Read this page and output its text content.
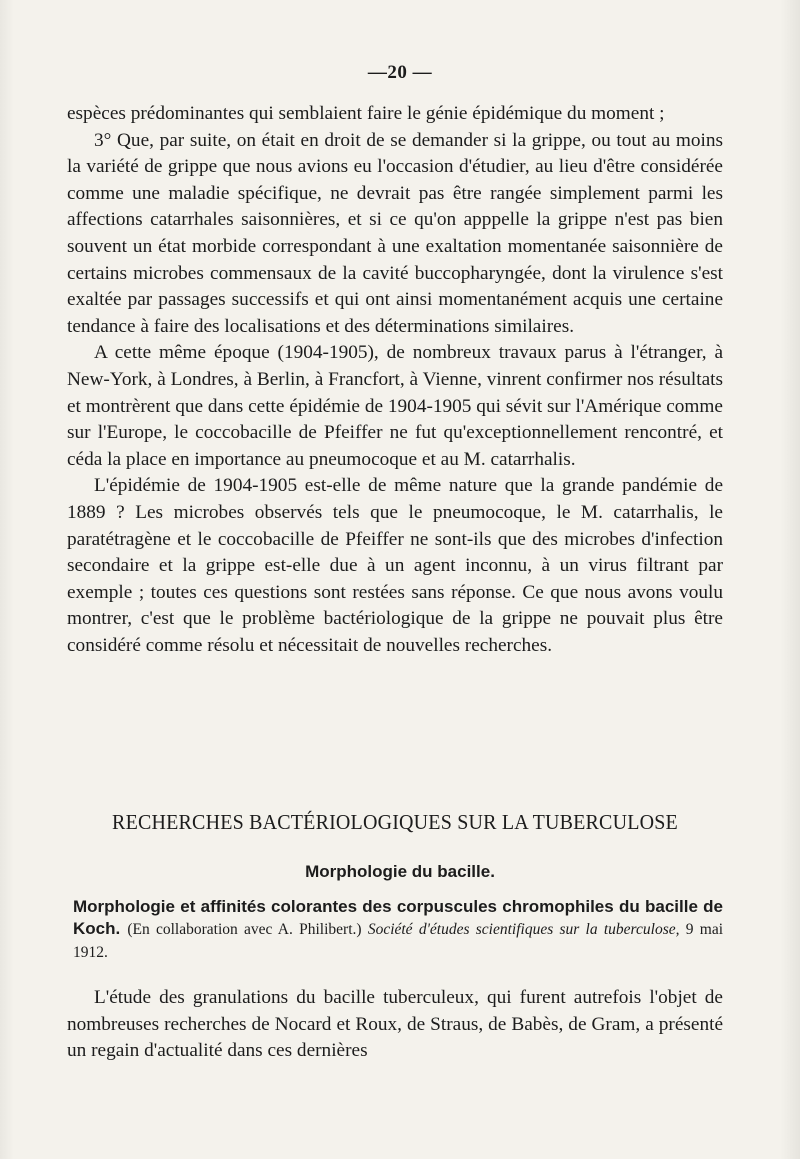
—20 —

espèces prédominantes qui semblaient faire le génie épidémique du moment ;

3° Que, par suite, on était en droit de se demander si la grippe, ou tout au moins la variété de grippe que nous avions eu l'occasion d'étudier, au lieu d'être considérée comme une maladie spécifique, ne devrait pas être rangée simplement parmi les affections catarrhales saisonnières, et si ce qu'on apppelle la grippe n'est pas bien souvent un état morbide correspondant à une exaltation momentanée saisonnière de certains microbes commensaux de la cavité buccopharyngée, dont la virulence s'est exaltée par passages successifs et qui ont ainsi momentanément acquis une certaine tendance à faire des localisations et des déterminations similaires.

A cette même époque (1904-1905), de nombreux travaux parus à l'étranger, à New-York, à Londres, à Berlin, à Francfort, à Vienne, vinrent confirmer nos résultats et montrèrent que dans cette épidémie de 1904-1905 qui sévit sur l'Amérique comme sur l'Europe, le coccobacille de Pfeiffer ne fut qu'exceptionnellement rencontré, et céda la place en importance au pneumocoque et au M. catarrhalis.

L'épidémie de 1904-1905 est-elle de même nature que la grande pandémie de 1889 ? Les microbes observés tels que le pneumocoque, le M. catarrhalis, le paratétragène et le coccobacille de Pfeiffer ne sont-ils que des microbes d'infection secondaire et la grippe est-elle due à un agent inconnu, à un virus filtrant par exemple ; toutes ces questions sont restées sans réponse. Ce que nous avons voulu montrer, c'est que le problème bactériologique de la grippe ne pouvait plus être considéré comme résolu et nécessitait de nouvelles recherches.

RECHERCHES BACTÉRIOLOGIQUES SUR LA TUBERCULOSE
Morphologie du bacille.
Morphologie et affinités colorantes des corpuscules chromophiles du bacille de Koch. (En collaboration avec A. Philibert.) Société d'études scientifiques sur la tuberculose, 9 mai 1912.

L'étude des granulations du bacille tuberculeux, qui furent autrefois l'objet de nombreuses recherches de Nocard et Roux, de Straus, de Babès, de Gram, a présenté un regain d'actualité dans ces dernières
